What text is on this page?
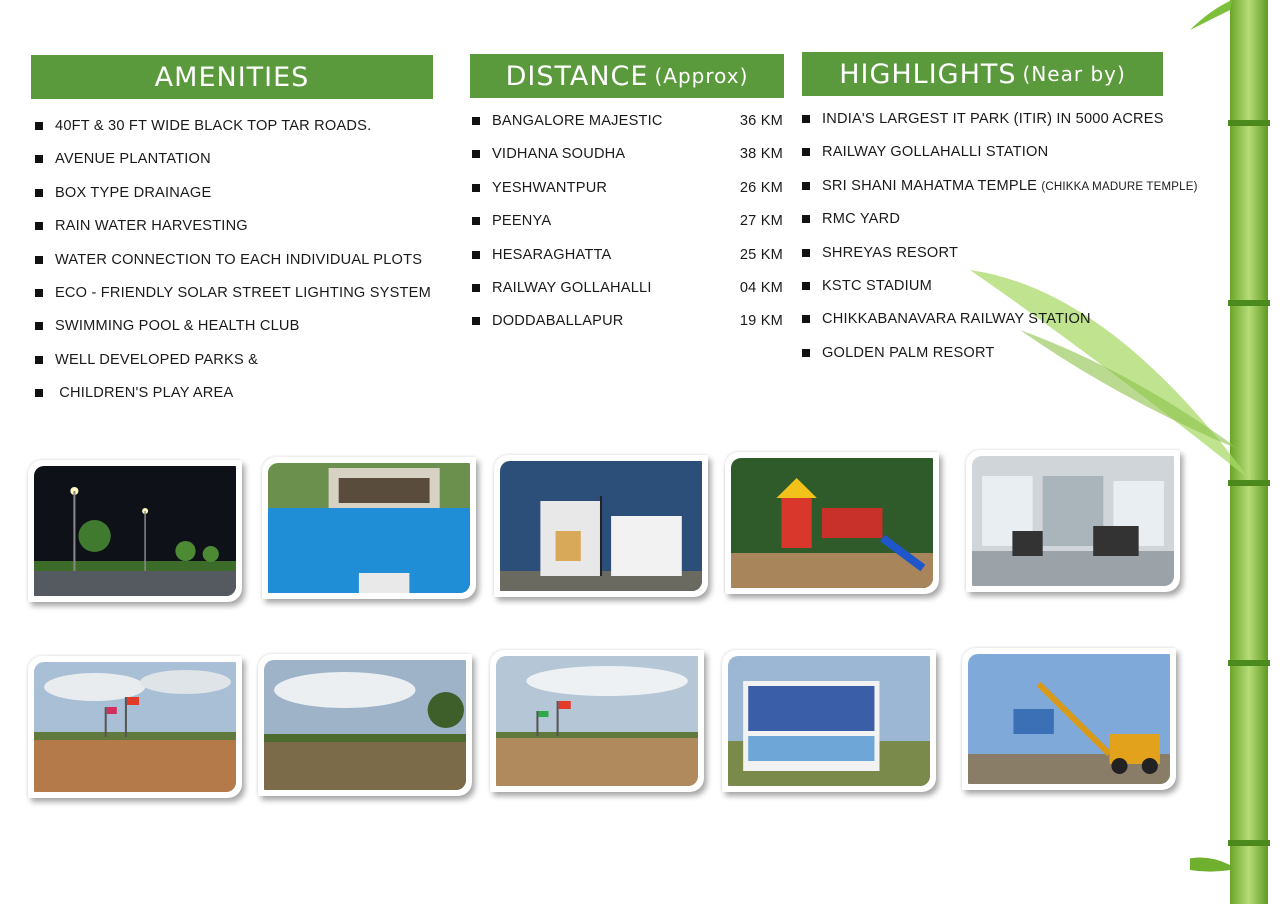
AMENITIES
40FT & 30 FT WIDE BLACK TOP TAR ROADS.
AVENUE PLANTATION
BOX TYPE DRAINAGE
RAIN WATER HARVESTING
WATER CONNECTION TO EACH INDIVIDUAL PLOTS
ECO - FRIENDLY SOLAR STREET LIGHTING SYSTEM
SWIMMING POOL & HEALTH CLUB
WELL DEVELOPED PARKS &
CHILDREN'S PLAY AREA
DISTANCE (Approx)
BANGALORE MAJESTIC	36 KM
VIDHANA SOUDHA	38 KM
YESHWANTPUR	26 KM
PEENYA	27 KM
HESARAGHATTA	25 KM
RAILWAY GOLLAHALLI	04 KM
DODDABALLAPUR	19 KM
HIGHLIGHTS (Near by)
INDIA'S LARGEST IT PARK (ITIR) IN 5000 ACRES
RAILWAY GOLLAHALLI STATION
SRI SHANI MAHATMA TEMPLE (CHIKKA MADURE TEMPLE)
RMC YARD
SHREYAS RESORT
KSTC STADIUM
CHIKKABANAVARA RAILWAY STATION
GOLDEN PALM RESORT
